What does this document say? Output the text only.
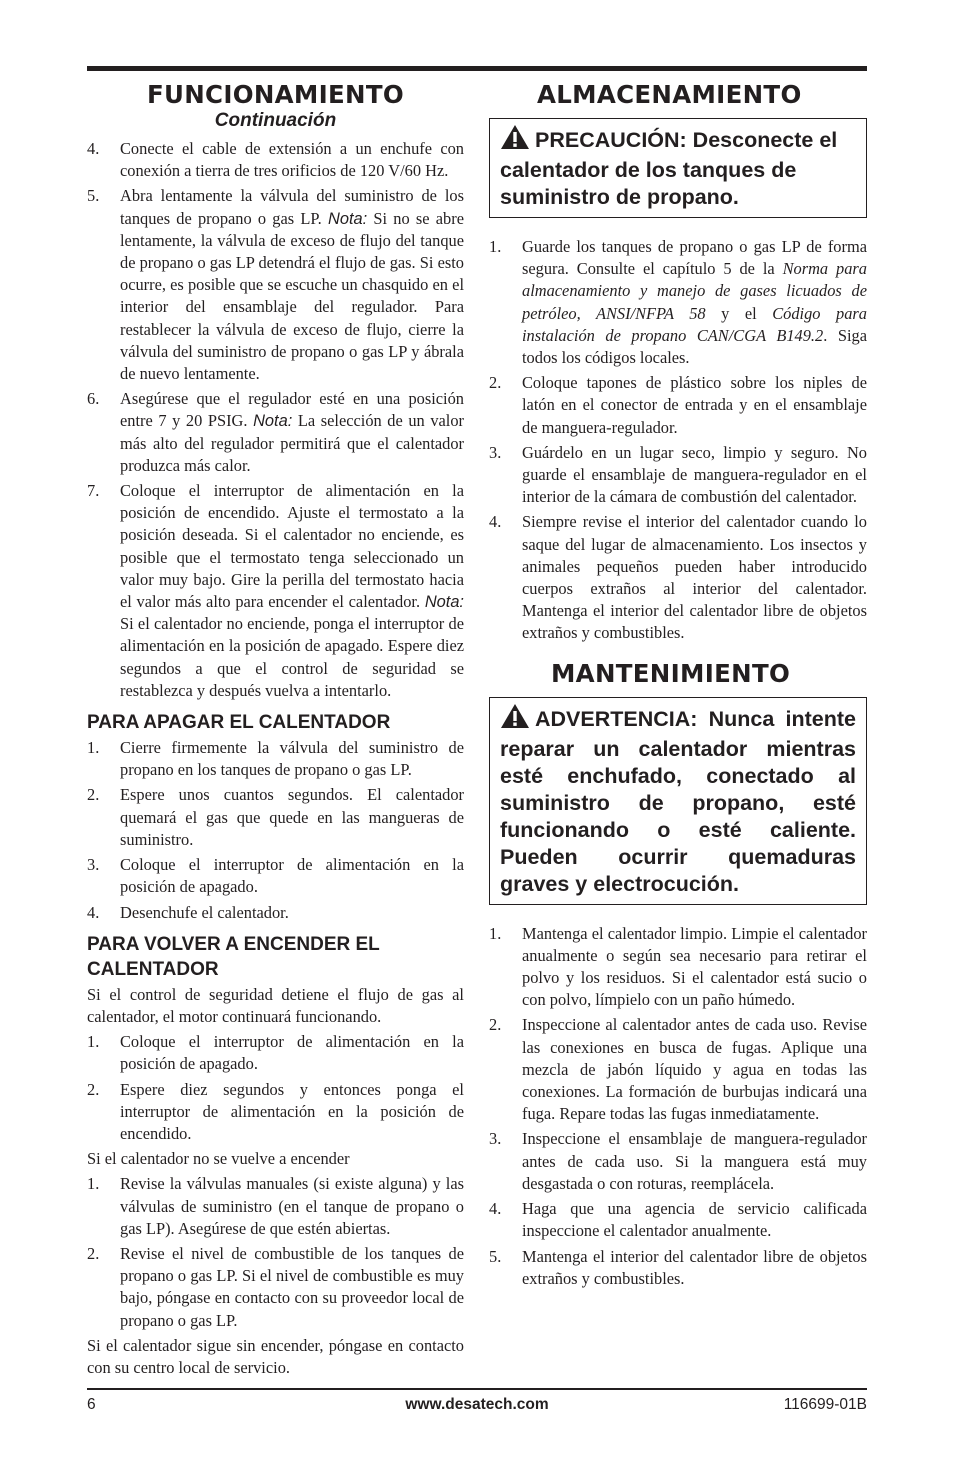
FUNCIONAMIENTO
Continuación
4.	Conecte el cable de extensión a un enchufe con conexión a tierra de tres orificios de 120 V/60 Hz.
5.	Abra lentamente la válvula del suministro de los tanques de propano o gas LP. Nota: Si no se abre lentamente, la válvula de exceso de flujo del tanque de propano o gas LP detendrá el flujo de gas. Si esto ocurre, es posible que se escuche un chasquido en el interior del ensamblaje del regulador. Para restablecer la válvula de exceso de flujo, cierre la válvula del suministro de propano o gas LP y ábrala de nuevo lentamente.
6.	Asegúrese que el regulador esté en una posición entre 7 y 20 PSIG. Nota: La selección de un valor más alto del regulador permitirá que el calentador produzca más calor.
7.	Coloque el interruptor de alimentación en la posición de encendido. Ajuste el termostato a la posición deseada. Si el calentador no enciende, es posible que el termostato tenga seleccionado un valor muy bajo. Gire la perilla del termostato hacia el valor más alto para encender el calentador. Nota: Si el calentador no enciende, ponga el interruptor de alimentación en la posición de apagado. Espere diez segundos a que el control de seguridad se restablezca y después vuelva a intentarlo.
PARA APAGAR EL CALENTADOR
1.	Cierre firmemente la válvula del suministro de propano en los tanques de propano o gas LP.
2.	Espere unos cuantos segundos. El calentador quemará el gas que quede en las mangueras de suministro.
3.	Coloque el interruptor de alimentación en la posición de apagado.
4.	Desenchufe el calentador.
PARA VOLVER A ENCENDER EL CALENTADOR

Si el control de seguridad detiene el flujo de gas al calentador, el motor continuará funcionando.

1.	Coloque el interruptor de alimentación en la posición de apagado.
2.	Espere diez segundos y entonces ponga el interruptor de alimentación en la posición de encendido.

Si el calentador no se vuelve a encender

1.	Revise la válvulas manuales (si existe alguna) y las válvulas de suministro (en el tanque de propano o gas LP). Asegúrese de que estén abiertas.
2.	Revise el nivel de combustible de los tanques de propano o gas LP. Si el nivel de combustible es muy bajo, póngase en contacto con su proveedor local de propano o gas LP.

Si el calentador sigue sin encender, póngase en contacto con su centro local de servicio.

ALMACENAMIENTO
PRECAUCIÓN: Desconecte el calentador de los tanques de suministro de propano.
1.	Guarde los tanques de propano o gas LP de forma segura. Consulte el capítulo 5 de la Norma para almacenamiento y manejo de gases licuados de petróleo, ANSI/NFPA 58 y el Código para instalación de propano CAN/CGA B149.2. Siga todos los códigos locales.
2.	Coloque tapones de plástico sobre los niples de latón en el conector de entrada y en el ensamblaje de manguera-regulador.
3.	Guárdelo en un lugar seco, limpio y seguro. No guarde el ensamblaje de manguera-regulador en el interior de la cámara de combustión del calentador.
4.	Siempre revise el interior del calentador cuando lo saque del lugar de almacenamiento. Los insectos y animales pequeños pueden haber introducido cuerpos extraños al interior del calentador. Mantenga el interior del calentador libre de objetos extraños y combustibles.
MANTENIMIENTO
ADVERTENCIA: Nunca intente reparar un calentador mientras esté enchufado, conectado al suministro de propano, esté funcionando o esté caliente. Pueden ocurrir quemaduras graves y electrocución.
1.	Mantenga el calentador limpio. Limpie el calentador anualmente o según sea necesario para retirar el polvo y los residuos. Si el calentador está sucio o con polvo, límpielo con un paño húmedo.
2.	Inspeccione al calentador antes de cada uso. Revise las conexiones en busca de fugas. Aplique una mezcla de jabón líquido y agua en todas las conexiones. La formación de burbujas indicará una fuga. Repare todas las fugas inmediatamente.
3.	Inspeccione el ensamblaje de manguera-regulador antes de cada uso. Si la manguera está muy desgastada o con roturas, reemplácela.
4.	Haga que una agencia de servicio calificada inspeccione el calentador anualmente.
5.	Mantenga el interior del calentador libre de objetos extraños y combustibles.
6	www.desatech.com	116699-01B
